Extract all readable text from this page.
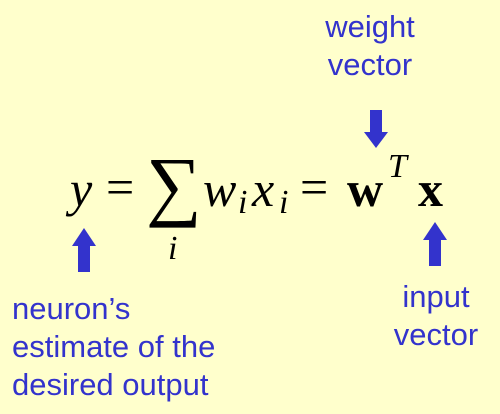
weight
vector
y = ∑
i
w i x i = w T x
neuron’s
estimate of the
desired output
input
vector
